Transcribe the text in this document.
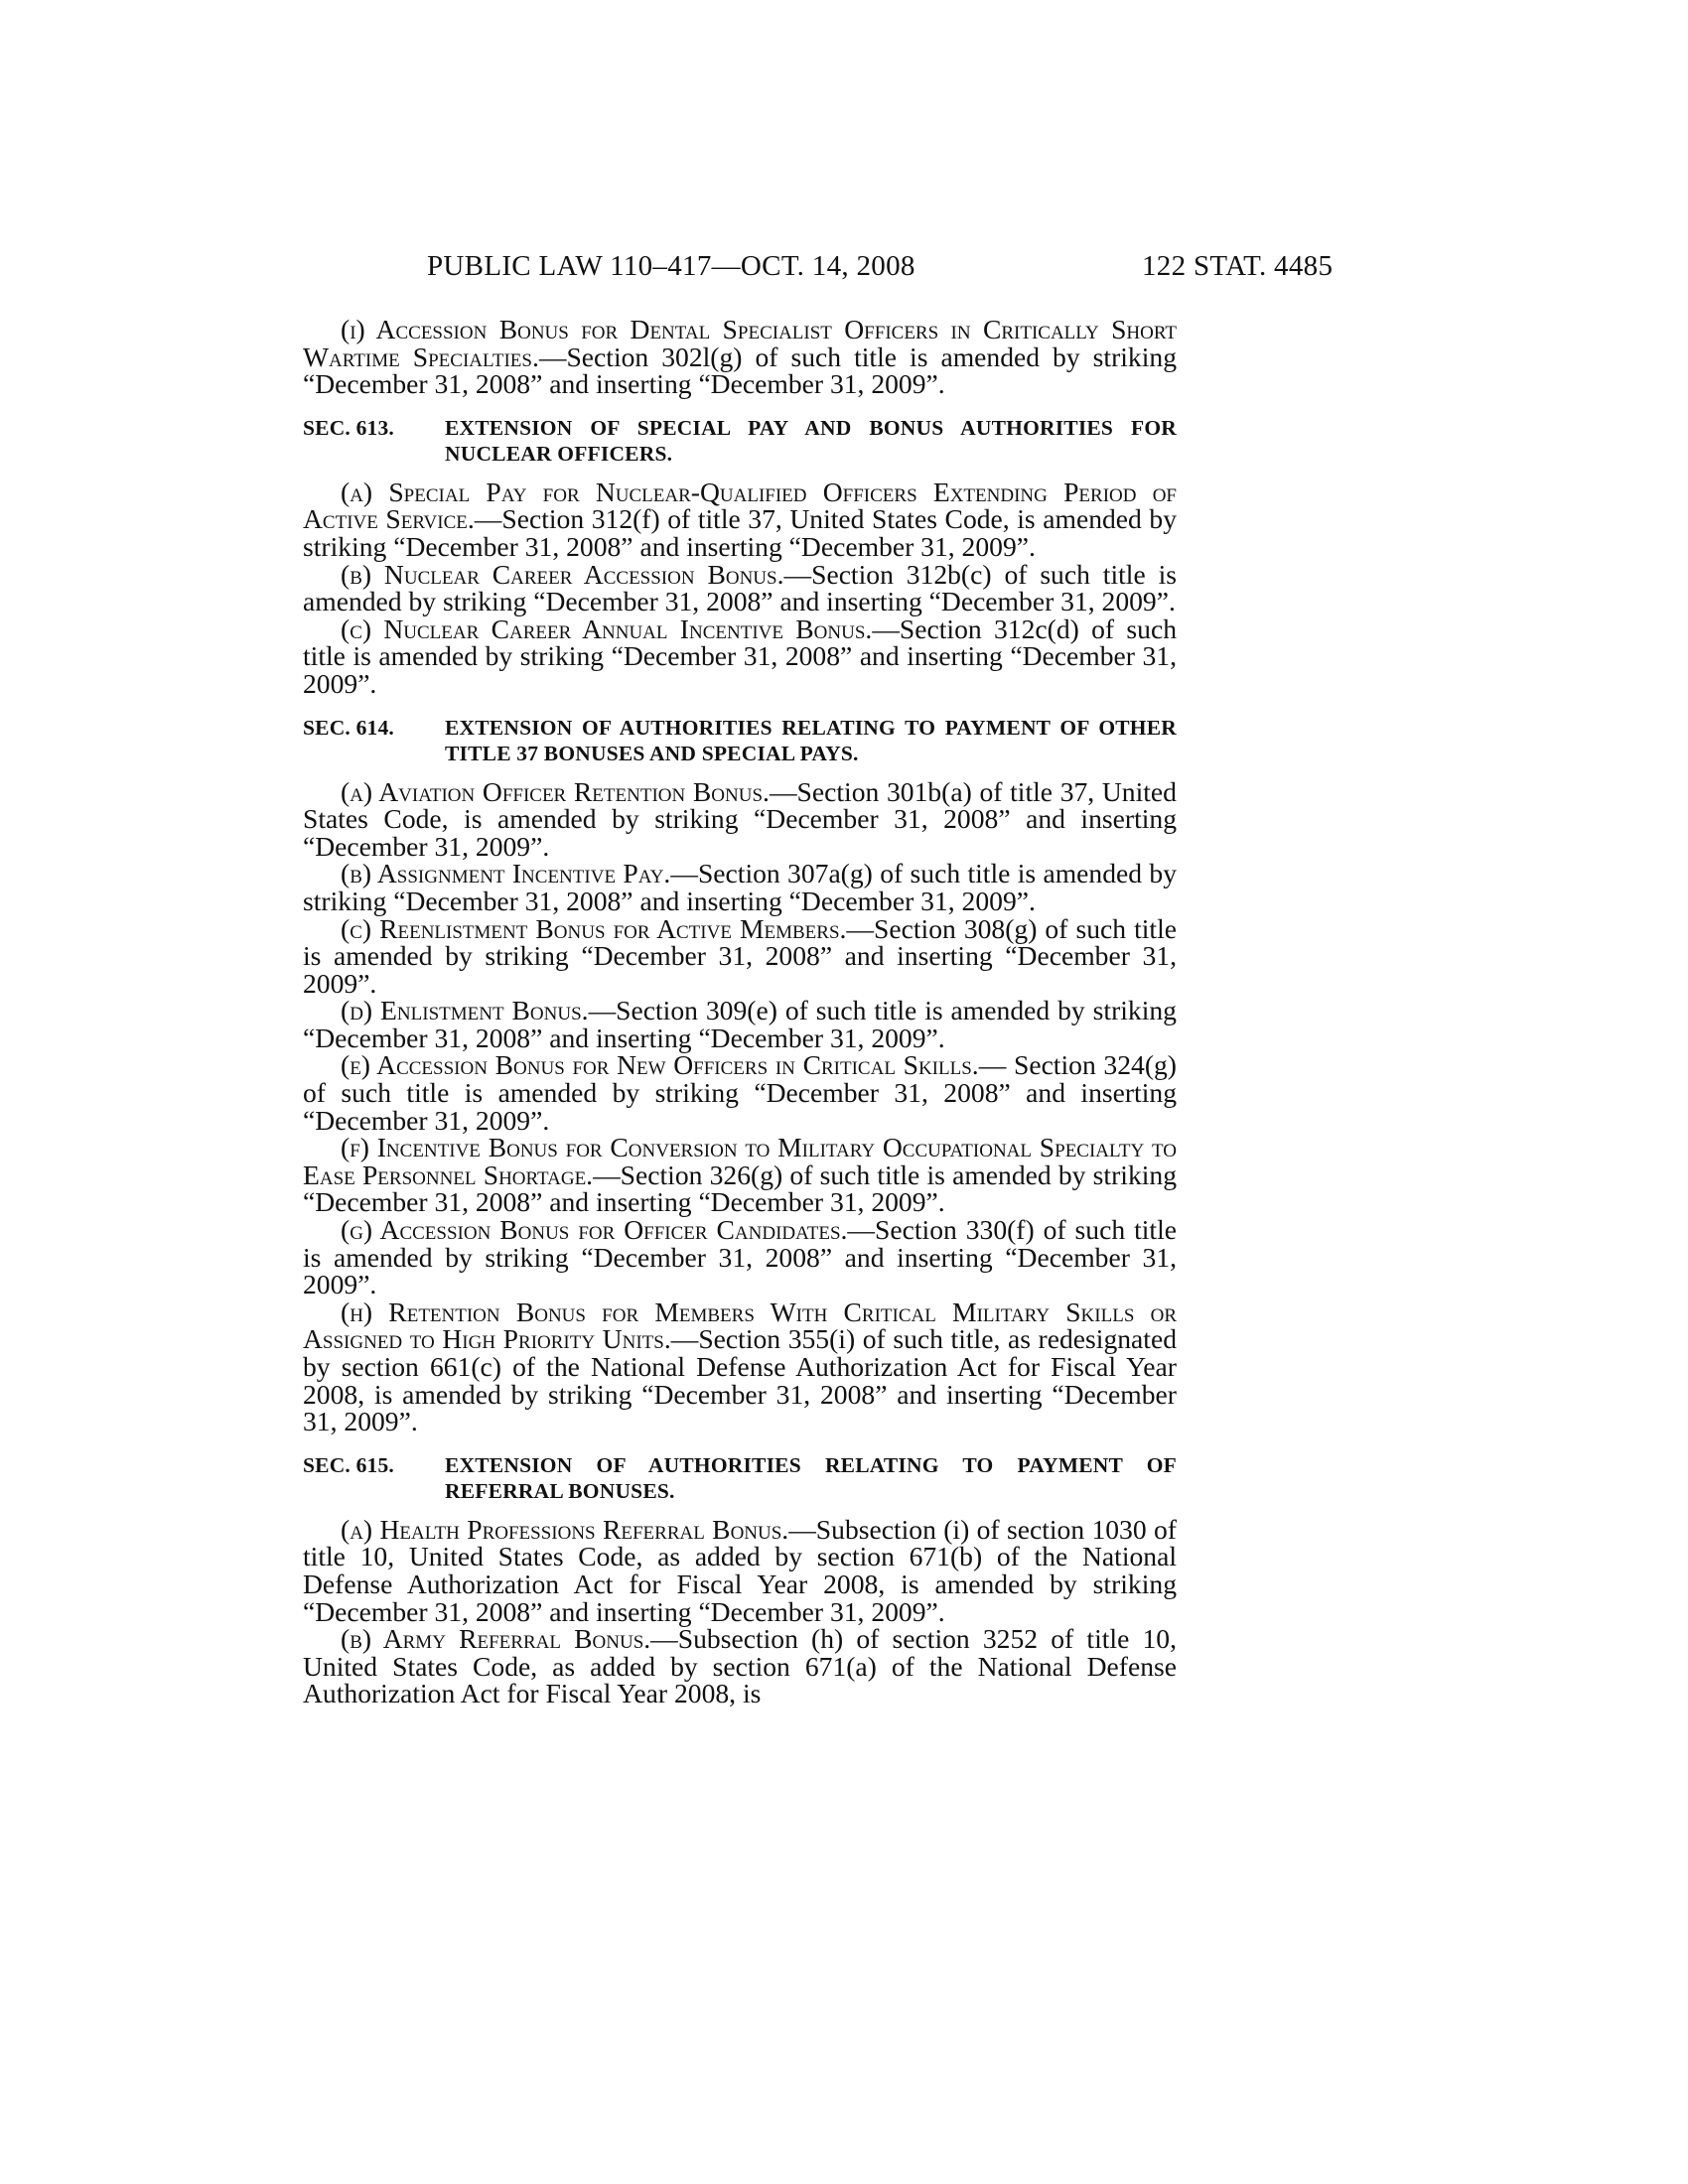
PUBLIC LAW 110–417—OCT. 14, 2008	122 STAT. 4485

(i) Accession Bonus for Dental Specialist Officers in Critically Short Wartime Specialties.—Section 302l(g) of such title is amended by striking “December 31, 2008” and inserting “December 31, 2009”.

SEC. 613. EXTENSION OF SPECIAL PAY AND BONUS AUTHORITIES FOR NUCLEAR OFFICERS.

(a) Special Pay for Nuclear-Qualified Officers Extending Period of Active Service.—Section 312(f) of title 37, United States Code, is amended by striking “December 31, 2008” and inserting “December 31, 2009”.

(b) Nuclear Career Accession Bonus.—Section 312b(c) of such title is amended by striking “December 31, 2008” and inserting “December 31, 2009”.

(c) Nuclear Career Annual Incentive Bonus.—Section 312c(d) of such title is amended by striking “December 31, 2008” and inserting “December 31, 2009”.

SEC. 614. EXTENSION OF AUTHORITIES RELATING TO PAYMENT OF OTHER TITLE 37 BONUSES AND SPECIAL PAYS.

(a) Aviation Officer Retention Bonus.—Section 301b(a) of title 37, United States Code, is amended by striking “December 31, 2008” and inserting “December 31, 2009”.

(b) Assignment Incentive Pay.—Section 307a(g) of such title is amended by striking “December 31, 2008” and inserting “December 31, 2009”.

(c) Reenlistment Bonus for Active Members.—Section 308(g) of such title is amended by striking “December 31, 2008” and inserting “December 31, 2009”.

(d) Enlistment Bonus.—Section 309(e) of such title is amended by striking “December 31, 2008” and inserting “December 31, 2009”.

(e) Accession Bonus for New Officers in Critical Skills.— Section 324(g) of such title is amended by striking “December 31, 2008” and inserting “December 31, 2009”.

(f) Incentive Bonus for Conversion to Military Occupational Specialty to Ease Personnel Shortage.—Section 326(g) of such title is amended by striking “December 31, 2008” and inserting “December 31, 2009”.

(g) Accession Bonus for Officer Candidates.—Section 330(f) of such title is amended by striking “December 31, 2008” and inserting “December 31, 2009”.

(h) Retention Bonus for Members With Critical Military Skills or Assigned to High Priority Units.—Section 355(i) of such title, as redesignated by section 661(c) of the National Defense Authorization Act for Fiscal Year 2008, is amended by striking “December 31, 2008” and inserting “December 31, 2009”.

SEC. 615. EXTENSION OF AUTHORITIES RELATING TO PAYMENT OF REFERRAL BONUSES.

(a) Health Professions Referral Bonus.—Subsection (i) of section 1030 of title 10, United States Code, as added by section 671(b) of the National Defense Authorization Act for Fiscal Year 2008, is amended by striking “December 31, 2008” and inserting “December 31, 2009”.

(b) Army Referral Bonus.—Subsection (h) of section 3252 of title 10, United States Code, as added by section 671(a) of the National Defense Authorization Act for Fiscal Year 2008, is
